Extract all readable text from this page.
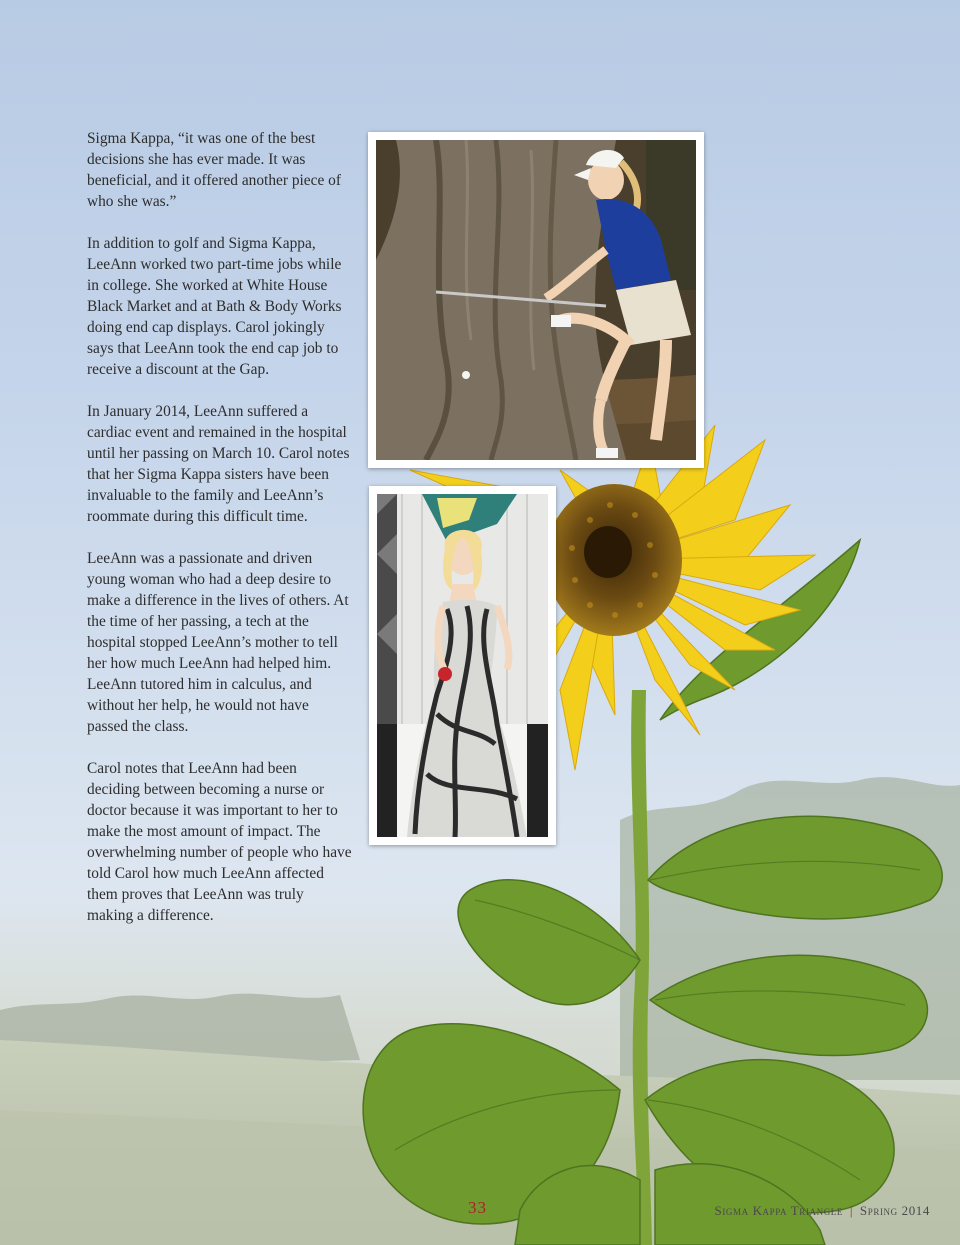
Sigma Kappa, “it was one of the best decisions she has ever made. It was beneficial, and it offered another piece of who she was.”

In addition to golf and Sigma Kappa, LeeAnn worked two part-time jobs while in college. She worked at White House Black Market and at Bath & Body Works doing end cap displays. Carol jokingly says that LeeAnn took the end cap job to receive a discount at the Gap.

In January 2014, LeeAnn suffered a cardiac event and remained in the hospital until her passing on March 10. Carol notes that her Sigma Kappa sisters have been invaluable to the family and LeeAnn’s roommate during this difficult time.

LeeAnn was a passionate and driven young woman who had a deep desire to make a difference in the lives of others. At the time of her passing, a tech at the hospital stopped LeeAnn’s mother to tell her how much LeeAnn had helped him. LeeAnn tutored him in calculus, and without her help, he would not have passed the class.

Carol notes that LeeAnn had been deciding between becoming a nurse or doctor because it was important to her to make the most amount of impact. The overwhelming number of people who have told Carol how much LeeAnn affected them proves that LeeAnn was truly making a difference.

33	Sigma Kappa Triangle | Spring 2014
